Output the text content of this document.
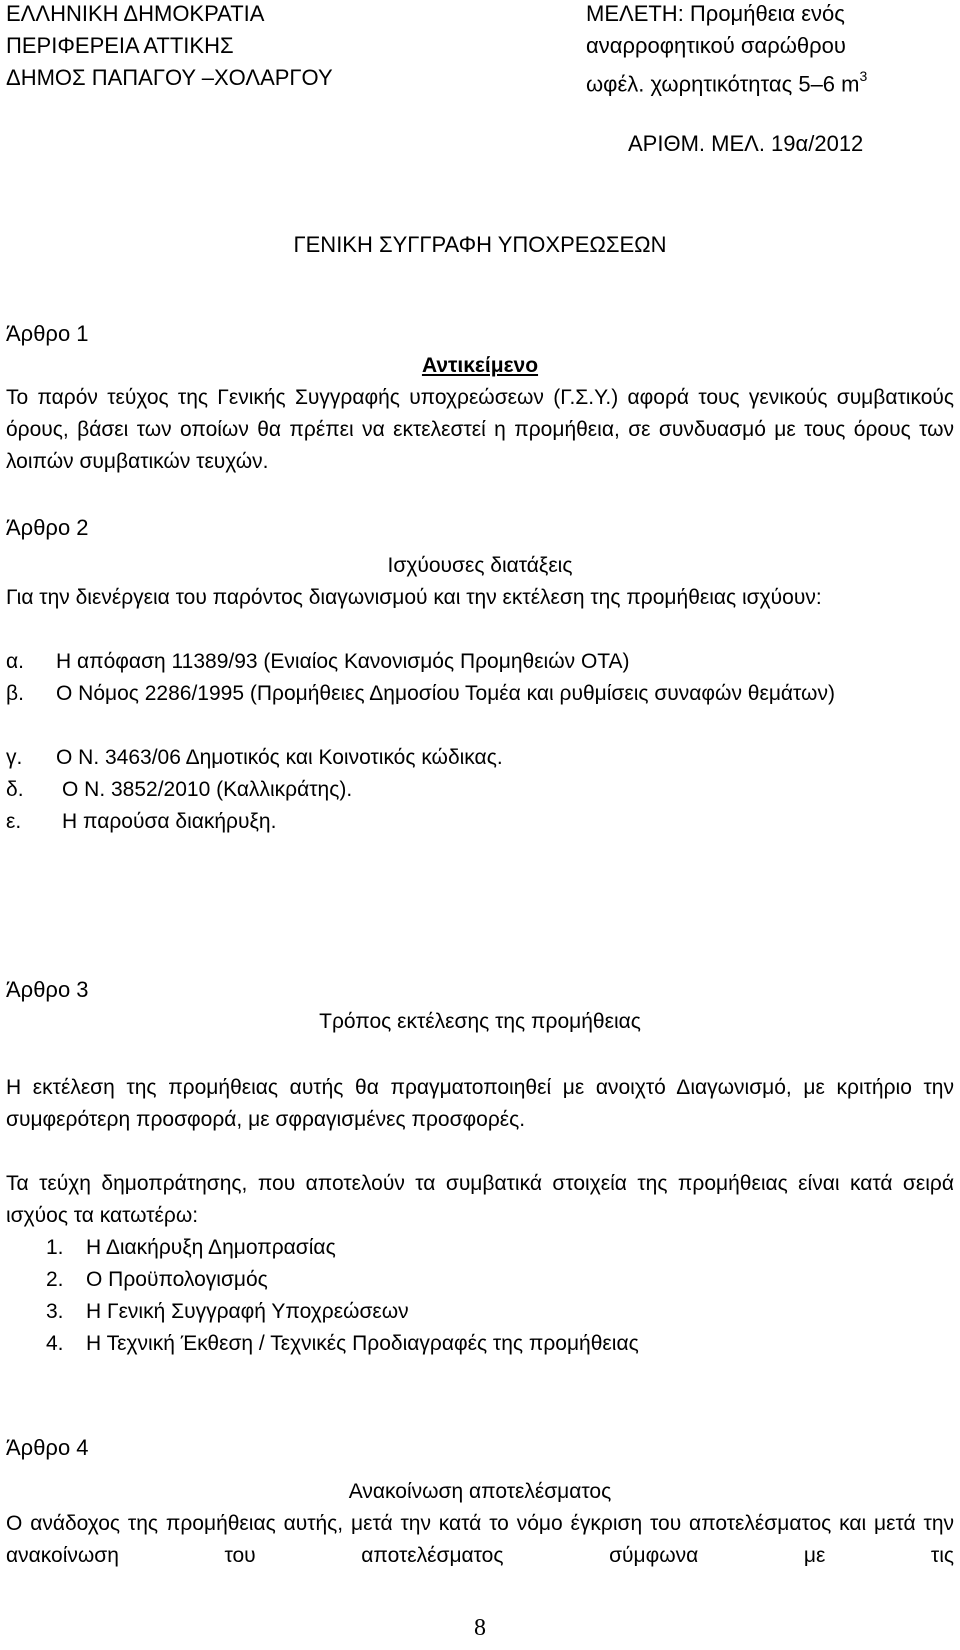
ΕΛΛΗΝΙΚΗ ΔΗΜΟΚΡΑΤΙΑ
ΠΕΡΙΦΕΡΕΙΑ ΑΤΤΙΚΗΣ
ΔΗΜΟΣ ΠΑΠΑΓΟΥ –ΧΟΛΑΡΓΟΥ
ΜΕΛΕΤΗ: Προμήθεια ενός
αναρροφητικού σαρώθρου
ωφέλ. χωρητικότητας 5–6 $m^3$
ΑΡΙΘΜ. ΜΕΛ. 19α/2012
ΓΕΝΙΚΗ ΣΥΓΓΡΑΦΗ ΥΠΟΧΡΕΩΣΕΩΝ
Άρθρο 1
Αντικείμενο
Το παρόν τεύχος της Γενικής Συγγραφής υποχρεώσεων (Γ.Σ.Υ.) αφορά τους γενικούς συμβατικούς όρους, βάσει των οποίων θα πρέπει να εκτελεστεί η προμήθεια, σε συνδυασμό με τους όρους των λοιπών συμβατικών τευχών.
Άρθρο 2
Ισχύουσες διατάξεις
Για την διενέργεια του παρόντος διαγωνισμού και την εκτέλεση της προμήθειας ισχύουν:
α. Η απόφαση 11389/93 (Ενιαίος Κανονισμός Προμηθειών ΟΤΑ)
β. Ο Νόμος 2286/1995 (Προμήθειες Δημοσίου Τομέα και ρυθμίσεις συναφών θεμάτων)
γ. Ο Ν. 3463/06 Δημοτικός και Κοινοτικός κώδικας.
δ. Ο Ν. 3852/2010 (Καλλικράτης).
ε. Η παρούσα διακήρυξη.
Άρθρο 3
Τρόπος εκτέλεσης της προμήθειας
Η εκτέλεση της προμήθειας αυτής θα πραγματοποιηθεί με ανοιχτό Διαγωνισμό, με κριτήριο την συμφερότερη προσφορά, με σφραγισμένες προσφορές.
Τα τεύχη δημοπράτησης, που αποτελούν τα συμβατικά στοιχεία της προμήθειας είναι κατά σειρά ισχύος τα κατωτέρω:
1. Η Διακήρυξη Δημοπρασίας
2. Ο Προϋπολογισμός
3. Η Γενική Συγγραφή Υποχρεώσεων
4. Η Τεχνική Έκθεση / Τεχνικές Προδιαγραφές της προμήθειας
Άρθρο 4
Ανακοίνωση αποτελέσματος
Ο ανάδοχος της προμήθειας αυτής, μετά την κατά το νόμο έγκριση του αποτελέσματος και μετά την ανακοίνωση του αποτελέσματος σύμφωνα με τις
8
